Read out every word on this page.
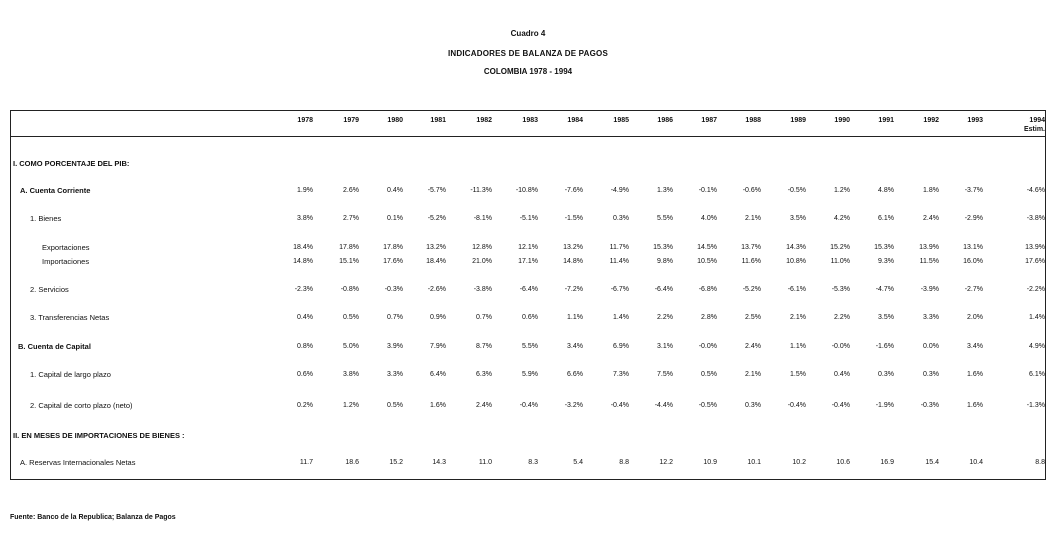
Cuadro 4
INDICADORES DE BALANZA DE PAGOS
COLOMBIA 1978 - 1994
1978	1979	1980	1981	1982	1983	1984	1985	1986	1987	1988	1989	1990	1991	1992	1993	1994
Estim.
I. COMO PORCENTAJE DEL PIB:
A. Cuenta Corriente	1.9%	2.6%	0.4%	-5.7%	-11.3%	-10.8%	-7.6%	-4.9%	1.3%	-0.1%	-0.6%	-0.5%	1.2%	4.8%	1.8%	-3.7%	-4.6%
1. Bienes	3.8%	2.7%	0.1%	-5.2%	-8.1%	-5.1%	-1.5%	0.3%	5.5%	4.0%	2.1%	3.5%	4.2%	6.1%	2.4%	-2.9%	-3.8%
Exportaciones	18.4%	17.8%	17.8%	13.2%	12.8%	12.1%	13.2%	11.7%	15.3%	14.5%	13.7%	14.3%	15.2%	15.3%	13.9%	13.1%	13.9%
Importaciones	14.8%	15.1%	17.6%	18.4%	21.0%	17.1%	14.8%	11.4%	9.8%	10.5%	11.6%	10.8%	11.0%	9.3%	11.5%	16.0%	17.6%
2. Servicios	-2.3%	-0.8%	-0.3%	-2.6%	-3.8%	-6.4%	-7.2%	-6.7%	-6.4%	-6.8%	-5.2%	-6.1%	-5.3%	-4.7%	-3.9%	-2.7%	-2.2%
3. Transferencias Netas	0.4%	0.5%	0.7%	0.9%	0.7%	0.6%	1.1%	1.4%	2.2%	2.8%	2.5%	2.1%	2.2%	3.5%	3.3%	2.0%	1.4%
B. Cuenta de Capital	0.8%	5.0%	3.9%	7.9%	8.7%	5.5%	3.4%	6.9%	3.1%	-0.0%	2.4%	1.1%	-0.0%	-1.6%	0.0%	3.4%	4.9%
1. Capital de largo plazo	0.6%	3.8%	3.3%	6.4%	6.3%	5.9%	6.6%	7.3%	7.5%	0.5%	2.1%	1.5%	0.4%	0.3%	0.3%	1.6%	6.1%
2. Capital de corto plazo (neto)	0.2%	1.2%	0.5%	1.6%	2.4%	-0.4%	-3.2%	-0.4%	-4.4%	-0.5%	0.3%	-0.4%	-0.4%	-1.9%	-0.3%	1.6%	-1.3%
II. EN MESES DE IMPORTACIONES DE BIENES :
A. Reservas Internacionales Netas	11.7	18.6	15.2	14.3	11.0	8.3	5.4	8.8	12.2	10.9	10.1	10.2	10.6	16.9	15.4	10.4	8.8
Fuente: Banco de la Republica; Balanza de Pagos
